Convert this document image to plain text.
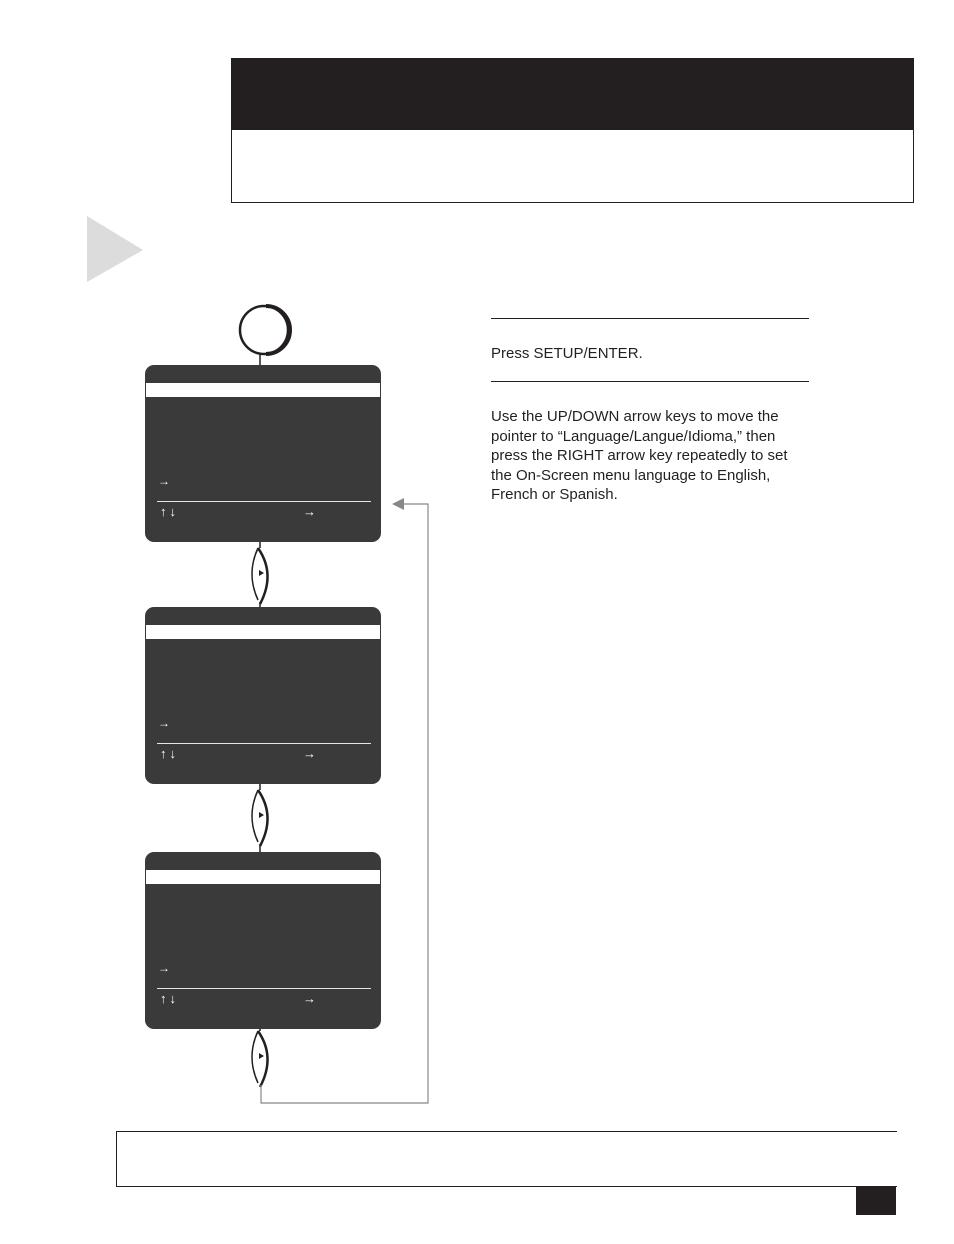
→
↑↓	→
→
↑↓	→
→
↑↓	→
Press SETUP/ENTER.
Use the UP/DOWN arrow keys to move the pointer to “Language/Langue/Idioma,” then press the RIGHT arrow key repeatedly to set the On-Screen menu language to English, French or Spanish.
